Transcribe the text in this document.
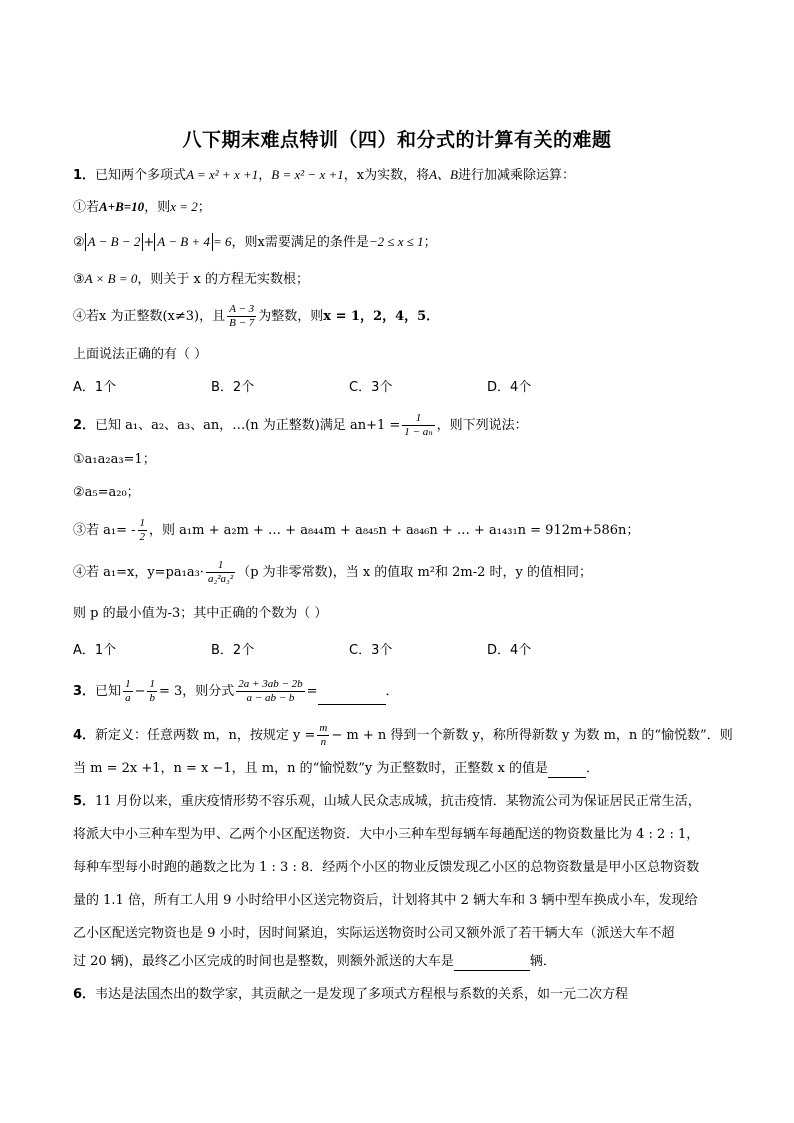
八下期末难点特训（四）和分式的计算有关的难题
1．已知两个多项式A = x² + x +1，B = x² − x +1，x为实数，将A、B进行加减乘除运算：
①若A+B=10，则x = 2；
② A − B − 2 + A − B + 4 = 6，则x需要满足的条件是−2 ≤ x ≤ 1；
③A × B = 0，则关于 x 的方程无实数根；
④若x 为正整数(x≠3)，且 $\frac{A - 3}{B - 7}$ 为整数，则x = 1，2，4，5．
上面说法正确的有（ ）
A．1个	B．2个	C．3个	D．4个
2．已知 a₁、a₂、a₃、an，…(n 为正整数)满足 $an+1 = \frac{1}{\text{1 − aₙ}}$ ，则下列说法：
①a₁a₂a₃=1；
②a₅=a₂₀；
③若 $a_1= - \frac{1}{2}$ ，则 a₁m + a₂m + … + a₈₄₄m + a₈₄₅n + a₈₄₆n + … + a₁₄₃₁n = 912m+586n；
④若 a₁=x，$y=pa_1a_3\cdot \frac{1}{\text{a₂²a₃²}} (p$ 为非零常数)，当 x 的值取 m²和 2m-2 时，y 的值相同；
则 p 的最小值为-3；其中正确的个数为（ ）
A．1个	B．2个	C．3个	D．4个
3．已知 $\frac{1}{a} - \frac{1}{b} = 3$，则分式 $\frac{2a + 3ab - 2b}{a - ab - b}$ =	．
4．新定义：任意两数 m，n，按规定 $y = \frac{m}{n} - m + n$ 得到一个新数 y，称所得新数 y 为数 m，n 的“愉悦数”．则
当 m = 2x +1，n = x −1，且 m，n 的“愉悦数”y 为正整数时，正整数 x 的值是	．
5．11 月份以来，重庆疫情形势不容乐观，山城人民众志成城，抗击疫情．某物流公司为保证居民正常生活，
将派大中小三种车型为甲、乙两个小区配送物资．大中小三种车型每辆车每趟配送的物资数量比为 4 : 2 : 1，
每种车型每小时跑的趟数之比为 1 : 3 : 8．经两个小区的物业反馈发现乙小区的总物资数量是甲小区总物资数
量的 1.1 倍，所有工人用 9 小时给甲小区送完物资后，计划将其中 2 辆大车和 3 辆中型车换成小车，发现给
乙小区配送完物资也是 9 小时，因时间紧迫，实际运送物资时公司又额外派了若干辆大车（派送大车不超
过 20 辆)，最终乙小区完成的时间也是整数，则额外派送的大车是	辆．
6．韦达是法国杰出的数学家，其贡献之一是发现了多项式方程根与系数的关系，如一元二次方程
